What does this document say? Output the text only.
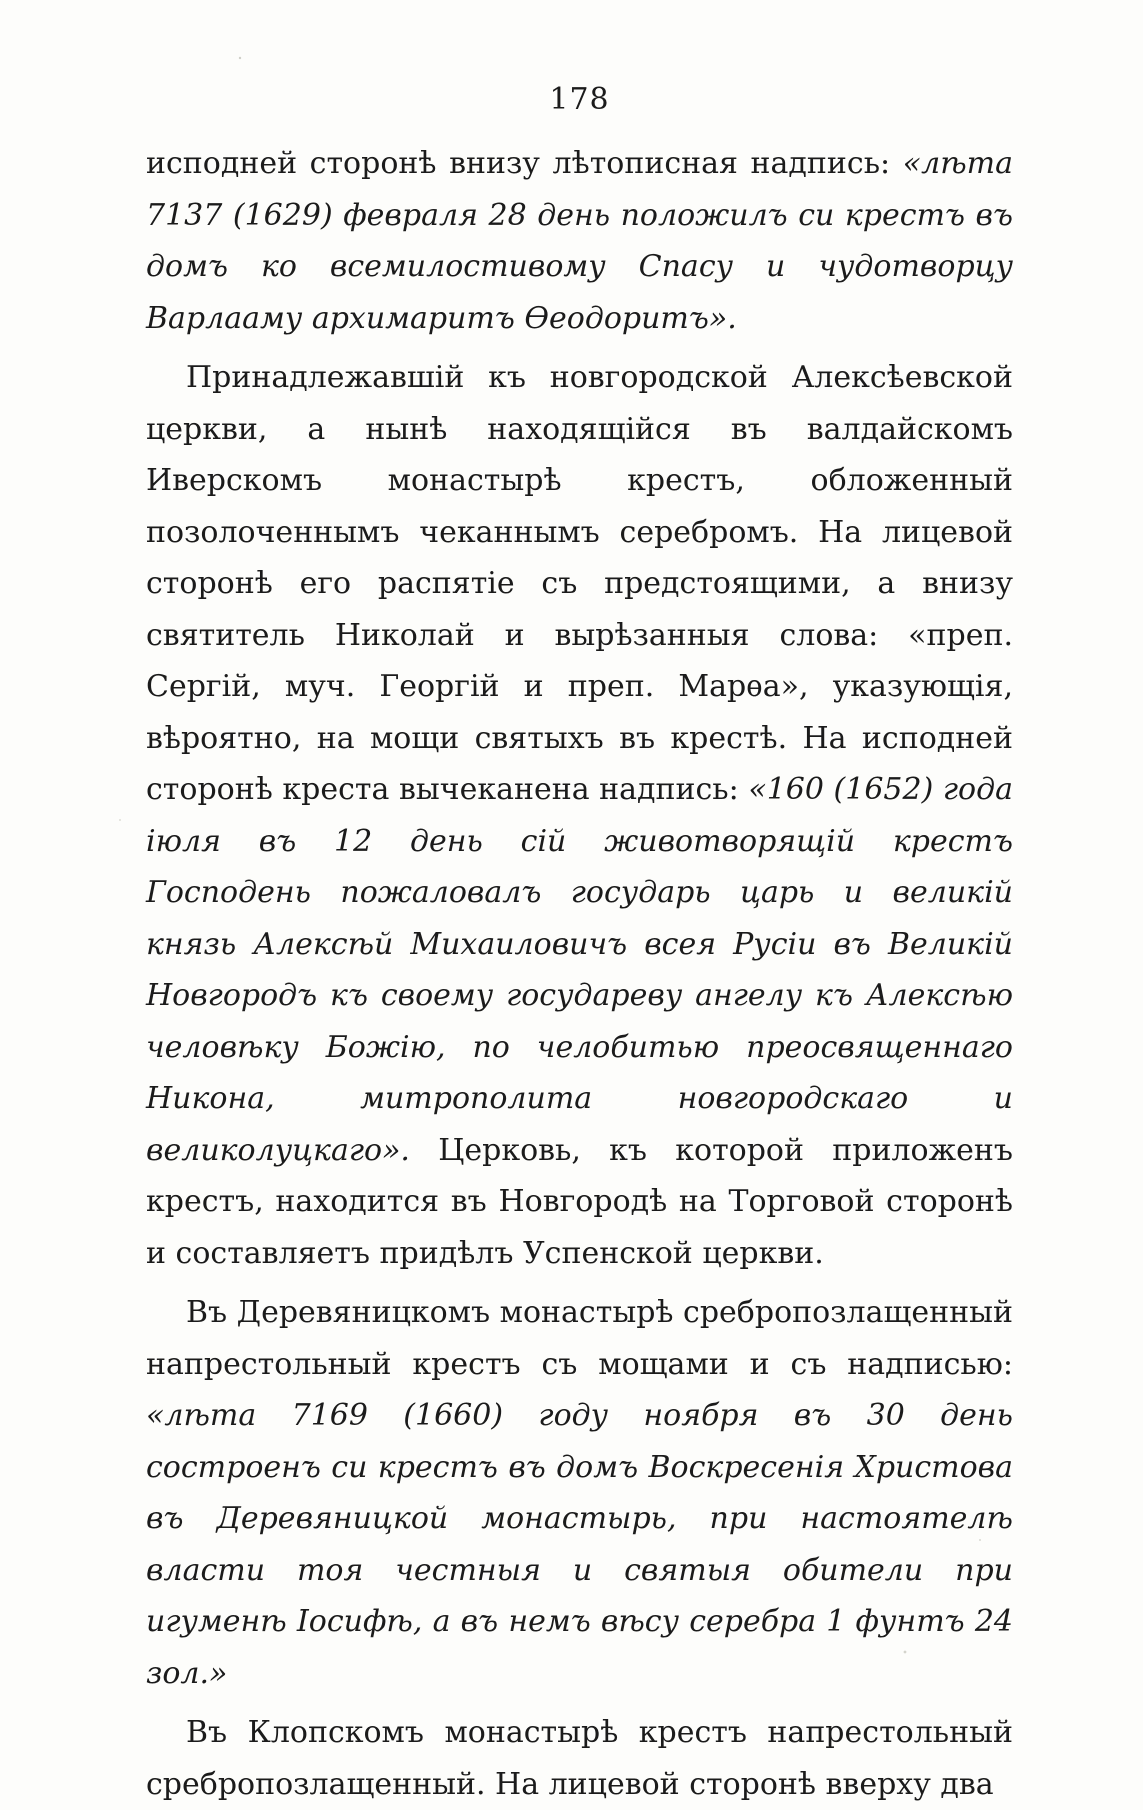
178

исподней сторонѣ внизу лѣтописная надпись: «лѣта 7137 (1629) февраля 28 день положилъ си крестъ въ домъ ко всемилостивому Спасу и чудотворцу Варлааму архимаритъ Ѳеодоритъ».

Принадлежавшій къ новгородской Алексѣевской церкви, а нынѣ находящійся въ валдайскомъ Иверскомъ монастырѣ крестъ, обложенный позолоченнымъ чеканнымъ серебромъ. На лицевой сторонѣ его распятіе съ предстоящими, а внизу святитель Николай и вырѣзанныя слова: «преп. Сергій, муч. Георгій и преп. Марѳа», указующія, вѣроятно, на мощи святыхъ въ крестѣ. На исподней сторонѣ креста вычеканена надпись: «160 (1652) года іюля въ 12 день сій животворящій крестъ Господень пожаловалъ государь царь и великій князь Алексѣй Михаиловичъ всея Русіи въ Великій Новгородъ къ своему государеву ангелу къ Алексѣю человѣку Божію, по челобитью преосвященнаго Никона, митрополита новгородскаго и великолуцкаго». Церковь, къ которой приложенъ крестъ, находится въ Новгородѣ на Торговой сторонѣ и составляетъ придѣлъ Успенской церкви.

Въ Деревяницкомъ монастырѣ сребропозлащенный напрестольный крестъ съ мощами и съ надписью: «лѣта 7169 (1660) году ноября въ 30 день состроенъ си крестъ въ домъ Воскресенія Христова въ Деревяницкой монастырь, при настоятелѣ власти тоя честныя и святыя обители при игуменѣ Іосифѣ, а въ немъ вѣсу серебра 1 фунтъ 24 зол.»

Въ Клопскомъ монастырѣ крестъ напрестольный сребропозлащенный. На лицевой сторонѣ вверху два
